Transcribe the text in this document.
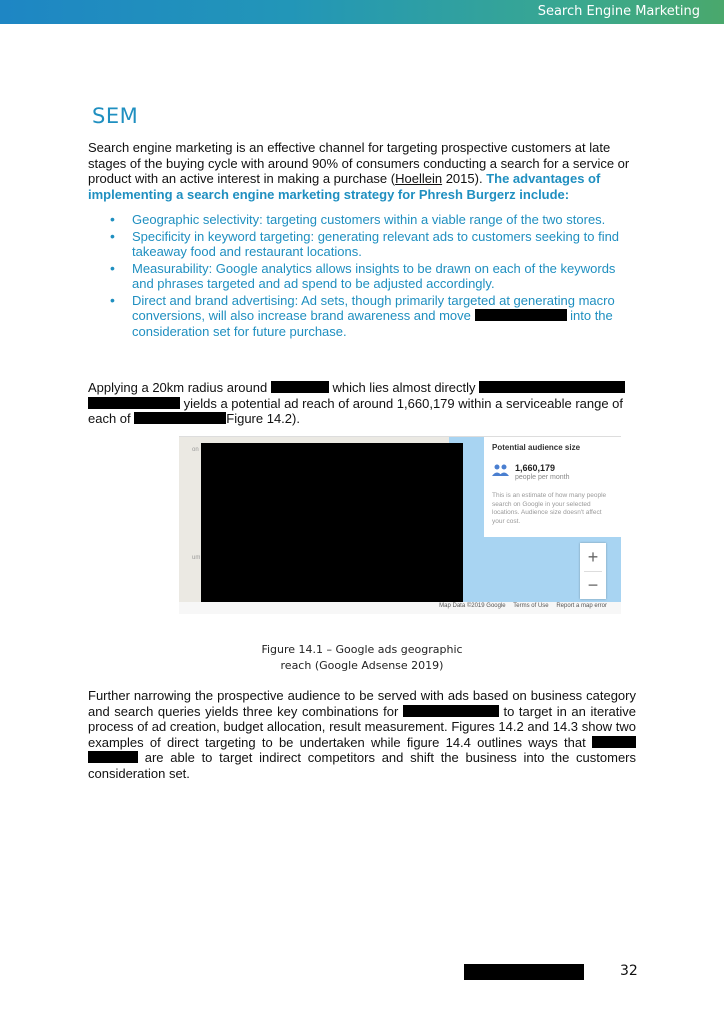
Search Engine Marketing
SEM
Search engine marketing is an effective channel for targeting prospective customers at late stages of the buying cycle with around 90% of consumers conducting a search for a service or product with an active interest in making a purchase (Hoellein 2015). The advantages of implementing a search engine marketing strategy for Phresh Burgerz include:
• Geographic selectivity: targeting customers within a viable range of the two stores.
• Specificity in keyword targeting: generating relevant ads to customers seeking to find takeaway food and restaurant locations.
• Measurability: Google analytics allows insights to be drawn on each of the keywords and phrases targeted and ad spend to be adjusted accordingly.
• Direct and brand advertising: Ad sets, though primarily targeted at generating macro conversions, will also increase brand awareness and move	into the consideration set for future purchase.
Applying a 20km radius around	which lies almost directly   yields a potential ad reach of around 1,660,179 within a serviceable range of each of	Figure 14.2).
on
um
Potential audience size
1,660,179
people per month
This is an estimate of how many people search on Google in your selected locations. Audience size doesn't affect your cost.
+
−
Map Data ©2019 Google Terms of Use Report a map error
Figure 14.1 – Google ads geographic
reach (Google Adsense 2019)
Further narrowing the prospective audience to be served with ads based on business category and search queries yields three key combinations for	to target in an iterative process of ad creation, budget allocation, result measurement. Figures 14.2 and 14.3 show two examples of direct targeting to be undertaken while figure 14.4 outlines ways that   are able to target indirect competitors and shift the business into the customers consideration set.
32
